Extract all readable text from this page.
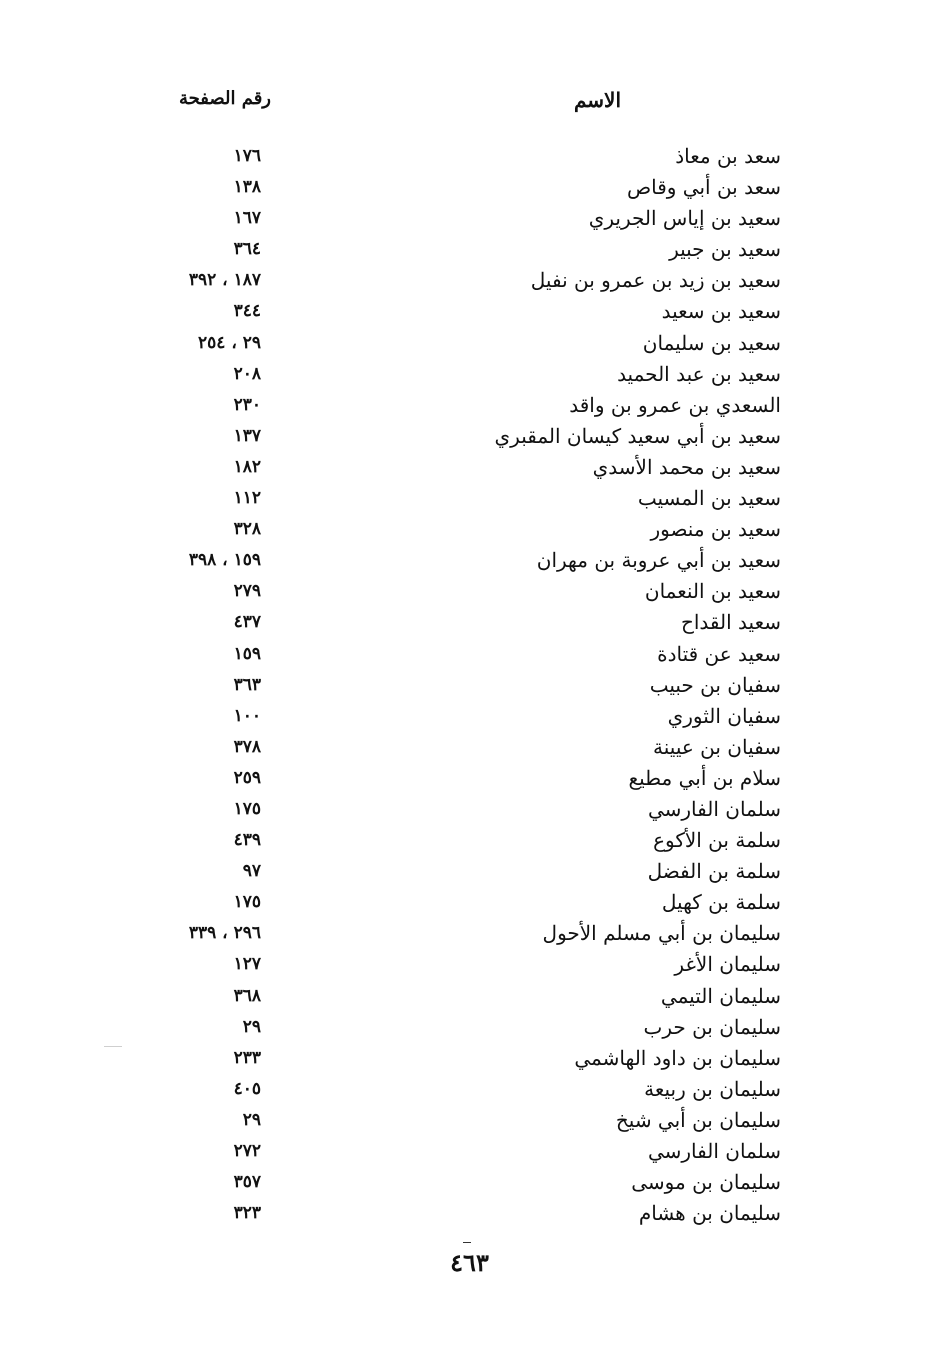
الاسم
رقم الصفحة
سعد بن معاذ
١٧٦
سعد بن أبي وقاص
١٣٨
سعيد بن إياس الجريري
١٦٧
سعيد بن جبير
٣٦٤
سعيد بن زيد بن عمرو بن نفيل
١٨٧ ، ٣٩٢
سعيد بن سعيد
٣٤٤
سعيد بن سليمان
٢٩ ، ٢٥٤
سعيد بن عبد الحميد
٢٠٨
السعدي بن عمرو بن واقد
٢٣٠
سعيد بن أبي سعيد كيسان المقبري
١٣٧
سعيد بن محمد الأسدي
١٨٢
سعيد بن المسيب
١١٢
سعيد بن منصور
٣٢٨
سعيد بن أبي عروبة بن مهران
١٥٩ ، ٣٩٨
سعيد بن النعمان
٢٧٩
سعيد القداح
٤٣٧
سعيد عن قتادة
١٥٩
سفيان بن حبيب
٣٦٣
سفيان الثوري
١٠٠
سفيان بن عيينة
٣٧٨
سلام بن أبي مطيع
٢٥٩
سلمان الفارسي
١٧٥
سلمة بن الأكوع
٤٣٩
سلمة بن الفضل
٩٧
سلمة بن كهيل
١٧٥
سليمان بن أبي مسلم الأحول
٢٩٦ ، ٣٣٩
سليمان الأغر
١٢٧
سليمان التيمي
٣٦٨
سليمان بن حرب
٢٩
سليمان بن داود الهاشمي
٢٣٣
سليمان بن ربيعة
٤٠٥
سليمان بن أبي شيخ
٢٩
سلمان الفارسي
٢٧٢
سليمان بن موسى
٣٥٧
سليمان بن هشام
٣٢٣
٤٦٣
